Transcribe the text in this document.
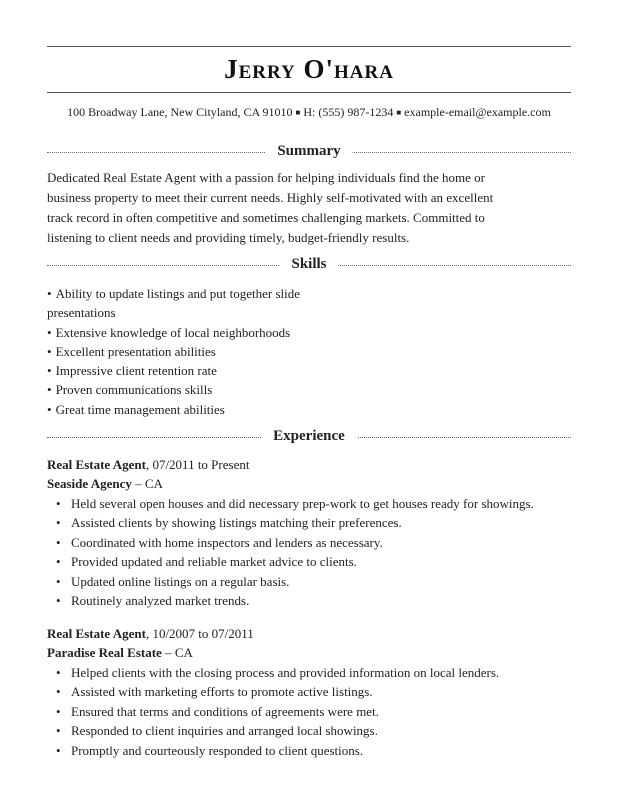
Jerry O'hara
100 Broadway Lane, New Cityland, CA 91010 ■ H: (555) 987-1234 ■ example-email@example.com
Summary
Dedicated Real Estate Agent with a passion for helping individuals find the home or business property to meet their current needs. Highly self-motivated with an excellent track record in often competitive and sometimes challenging markets. Committed to listening to client needs and providing timely, budget-friendly results.
Skills
• Ability to update listings and put together slide presentations
• Extensive knowledge of local neighborhoods
• Excellent presentation abilities
• Impressive client retention rate
• Proven communications skills
• Great time management abilities
Experience
Real Estate Agent, 07/2011 to Present
Seaside Agency – CA
• Held several open houses and did necessary prep-work to get houses ready for showings.
• Assisted clients by showing listings matching their preferences.
• Coordinated with home inspectors and lenders as necessary.
• Provided updated and reliable market advice to clients.
• Updated online listings on a regular basis.
• Routinely analyzed market trends.
Real Estate Agent, 10/2007 to 07/2011
Paradise Real Estate – CA
• Helped clients with the closing process and provided information on local lenders.
• Assisted with marketing efforts to promote active listings.
• Ensured that terms and conditions of agreements were met.
• Responded to client inquiries and arranged local showings.
• Promptly and courteously responded to client questions.
